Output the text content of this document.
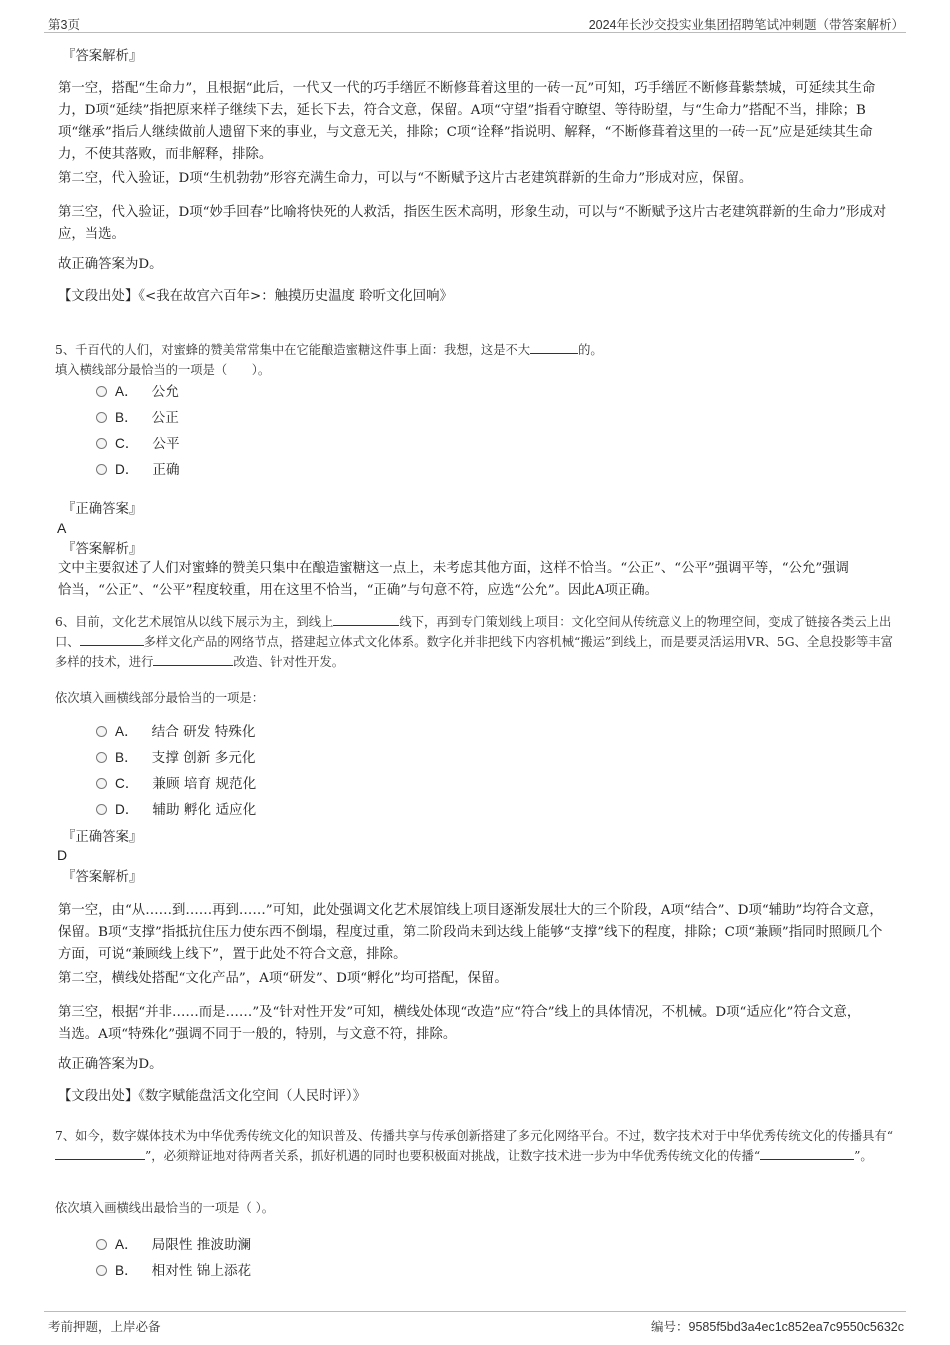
第3页	2024年长沙交投实业集团招聘笔试冲刺题（带答案解析）
『答案解析』
第一空，搭配“生命力”，且根据“此后，一代又一代的巧手缮匠不断修葺着这里的一砖一瓦”可知，巧手缮匠不断修葺紫禁城，可延续其生命力，D项“延续”指把原来样子继续下去，延长下去，符合文意，保留。A项“守望”指看守瞭望、等待盼望，与“生命力”搭配不当，排除；B项“继承”指后人继续做前人遗留下来的事业，与文意无关，排除；C项“诠释”指说明、解释，“不断修葺着这里的一砖一瓦”应是延续其生命力，不使其落败，而非解释，排除。
第二空，代入验证，D项“生机勃勃”形容充满生命力，可以与“不断赋予这片古老建筑群新的生命力”形成对应，保留。
第三空，代入验证，D项“妙手回春”比喻将快死的人救活，指医生医术高明，形象生动，可以与“不断赋予这片古老建筑群新的生命力”形成对应，当选。
故正确答案为D。
【文段出处】《<我在故宫六百年>：触摸历史温度 聆听文化回响》
5、千百代的人们，对蜜蜂的赞美常常集中在它能酿造蜜糖这件事上面：我想，这是不大	的。
填入横线部分最恰当的一项是（　　）。
A． 公允
B． 公正
C． 公平
D． 正确
『正确答案』
A
『答案解析』
文中主要叙述了人们对蜜蜂的赞美只集中在酿造蜜糖这一点上，未考虑其他方面，这样不恰当。“公正”、“公平”强调平等，“公允”强调恰当，“公正”、“公平”程度较重，用在这里不恰当，“正确”与句意不符，应选“公允”。因此A项正确。
6、目前，文化艺术展馆从以线下展示为主，到线上	线下，再到专门策划线上项目：文化空间从传统意义上的物理空间，变成了链接各类云上出口、	多样文化产品的网络节点，搭建起立体式文化体系。数字化并非把线下内容机械“搬运”到线上，而是要灵活运用VR、5G、全息投影等丰富多样的技术，进行	改造、针对性开发。
依次填入画横线部分最恰当的一项是：
A． 结合 研发 特殊化
B． 支撑 创新 多元化
C． 兼顾 培育 规范化
D． 辅助 孵化 适应化
『正确答案』
D
『答案解析』
第一空，由“从……到……再到……”可知，此处强调文化艺术展馆线上项目逐渐发展壮大的三个阶段，A项“结合”、D项“辅助”均符合文意，保留。B项“支撑”指抵抗住压力使东西不倒塌，程度过重，第二阶段尚未到达线上能够“支撑”线下的程度，排除；C项“兼顾”指同时照顾几个方面，可说“兼顾线上线下”，置于此处不符合文意，排除。
第二空，横线处搭配“文化产品”，A项“研发”、D项“孵化”均可搭配，保留。
第三空，根据“并非……而是……”及“针对性开发”可知，横线处体现“改造”应“符合”线上的具体情况，不机械。D项“适应化”符合文意，当选。A项“特殊化”强调不同于一般的，特别，与文意不符，排除。
故正确答案为D。
【文段出处】《数字赋能盘活文化空间（人民时评）》
7、如今，数字媒体技术为中华优秀传统文化的知识普及、传播共享与传承创新搭建了多元化网络平台。不过，数字技术对于中华优秀传统文化的传播具有“”，必须辩证地对待两者关系，抓好机遇的同时也要积极面对挑战，让数字技术进一步为中华优秀传统文化的传播“	”。
依次填入画横线出最恰当的一项是（ ）。
A． 局限性 推波助澜
B． 相对性 锦上添花
考前押题，上岸必备	编号：9585f5bd3a4ec1c852ea7c9550c5632c
